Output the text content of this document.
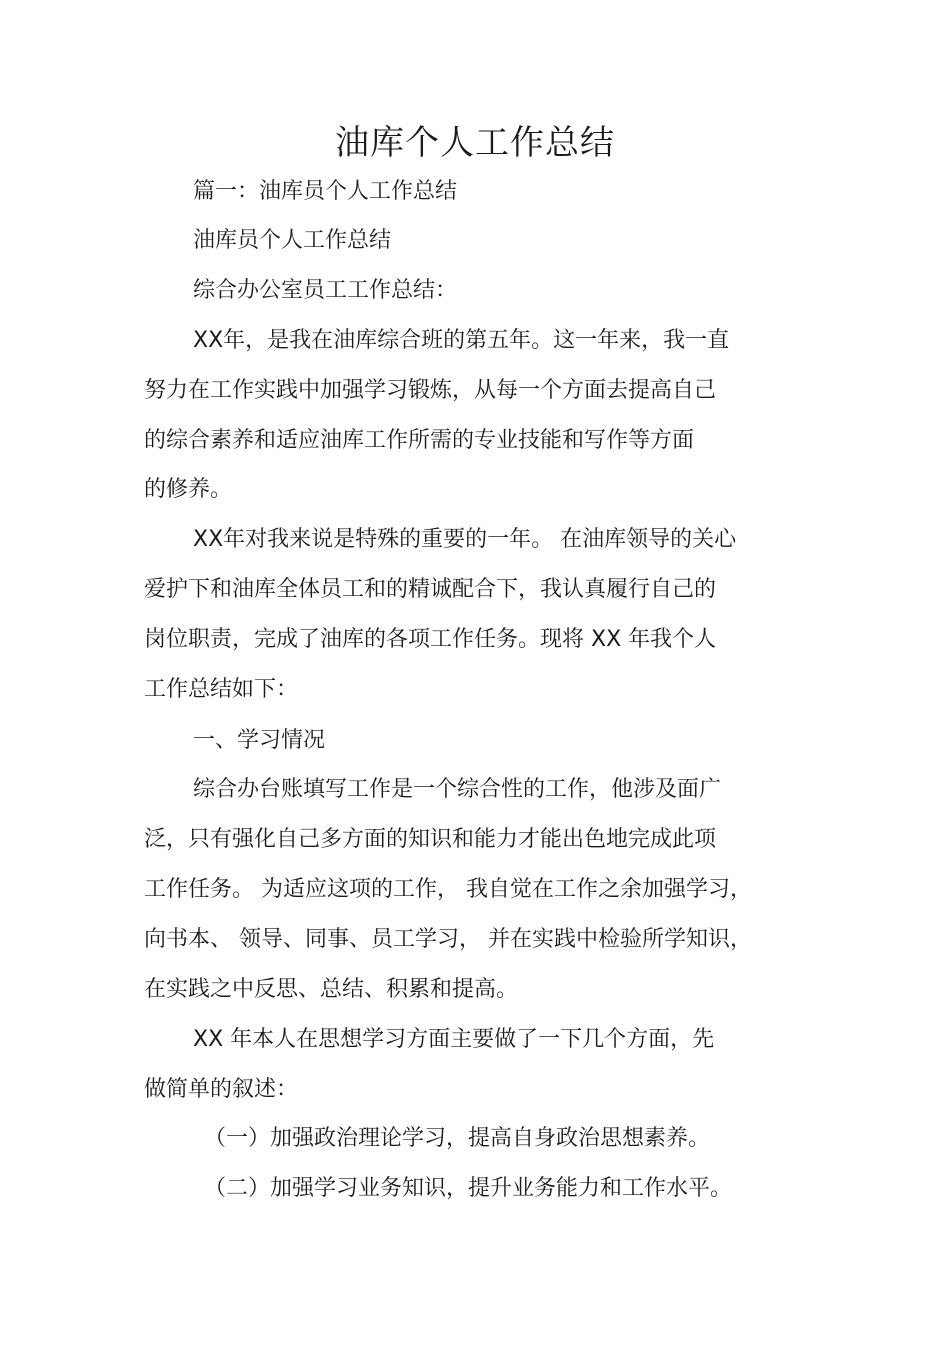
油库个人工作总结
篇一：油库员个人工作总结
油库员个人工作总结
综合办公室员工工作总结：
XX年，是我在油库综合班的第五年。这一年来，我一直
努力在工作实践中加强学习锻炼，从每一个方面去提高自己
的综合素养和适应油库工作所需的专业技能和写作等方面
的修养。
XX年对我来说是特殊的重要的一年。 在油库领导的关心
爱护下和油库全体员工和的精诚配合下，我认真履行自己的
岗位职责，完成了油库的各项工作任务。现将 XX 年我个人
工作总结如下：
一、学习情况
综合办台账填写工作是一个综合性的工作，他涉及面广
泛，只有强化自己多方面的知识和能力才能出色地完成此项
工作任务。 为适应这项的工作， 我自觉在工作之余加强学习，
向书本、 领导、同事、员工学习， 并在实践中检验所学知识，
在实践之中反思、总结、积累和提高。
XX 年本人在思想学习方面主要做了一下几个方面，先
做简单的叙述：
（一）加强政治理论学习，提高自身政治思想素养。
（二）加强学习业务知识，提升业务能力和工作水平。
